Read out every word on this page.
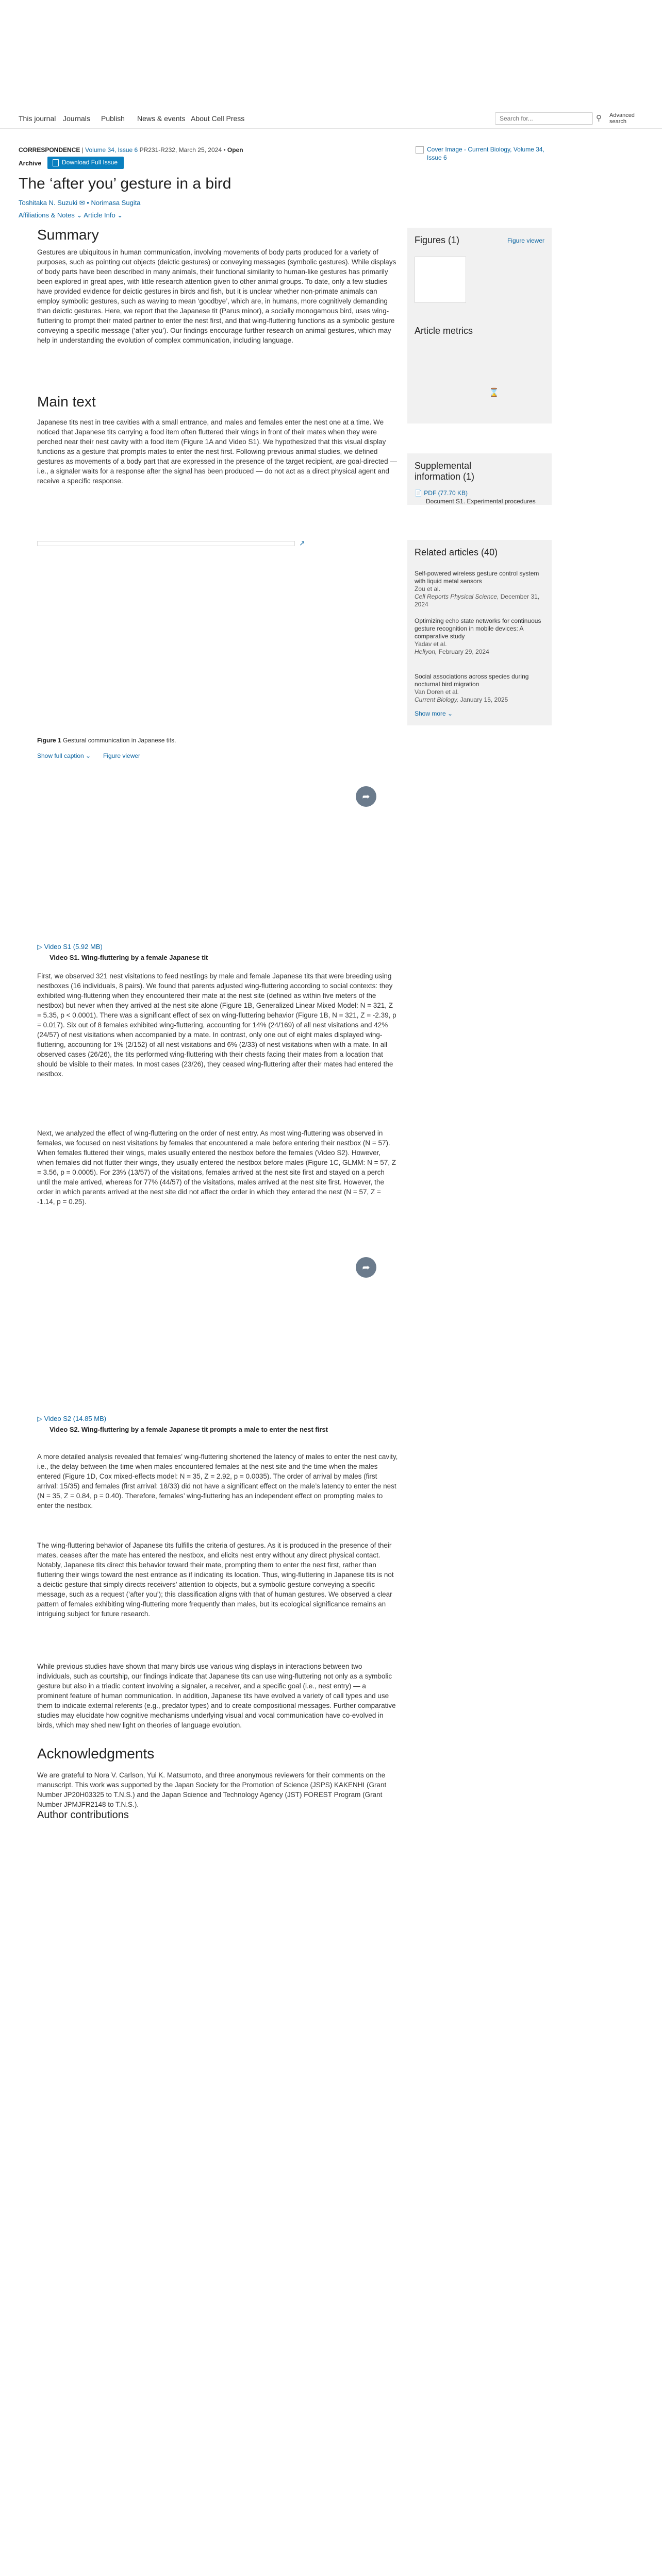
This journal Journals Publish News & events About Cell Press
Search for...	⚲	Advanced search
CORRESPONDENCE | Volume 34, Issue 6 PR231-R232, March 25, 2024 • Open
Archive	Download Full Issue
The ‘after you’ gesture in a bird
Toshitaka N. Suzuki ✉ • Norimasa Sugita
Affiliations & Notes ⌄ Article Info ⌄
Cover Image - Current Biology, Volume 34, Issue 6
Summary

Gestures are ubiquitous in human communication, involving movements of body parts produced for a variety of purposes, such as pointing out objects (deictic gestures) or conveying messages (symbolic gestures). While displays of body parts have been described in many animals, their functional similarity to human-like gestures has primarily been explored in great apes, with little research attention given to other animal groups. To date, only a few studies have provided evidence for deictic gestures in birds and fish, but it is unclear whether non-primate animals can employ symbolic gestures, such as waving to mean ‘goodbye’, which are, in humans, more cognitively demanding than deictic gestures. Here, we report that the Japanese tit (Parus minor), a socially monogamous bird, uses wing-fluttering to prompt their mated partner to enter the nest first, and that wing-fluttering functions as a symbolic gesture conveying a specific message (‘after you’). Our findings encourage further research on animal gestures, which may help in understanding the evolution of complex communication, including language.

Main text

Japanese tits nest in tree cavities with a small entrance, and males and females enter the nest one at a time. We noticed that Japanese tits carrying a food item often fluttered their wings in front of their mates when they were perched near their nest cavity with a food item (Figure 1A and Video S1). We hypothesized that this visual display functions as a gesture that prompts mates to enter the nest first. Following previous animal studies, we defined gestures as movements of a body part that are expressed in the presence of the target recipient, are goal-directed — i.e., a signaler waits for a response after the signal has been produced — do not act as a direct physical agent and receive a specific response.

↗
Figure 1 Gestural communication in Japanese tits.
Show full caption ⌄ Figure viewer
➦
▷ Video S1 (5.92 MB)
Video S1. Wing-fluttering by a female Japanese tit

First, we observed 321 nest visitations to feed nestlings by male and female Japanese tits that were breeding using nestboxes (16 individuals, 8 pairs). We found that parents adjusted wing-fluttering according to social contexts: they exhibited wing-fluttering when they encountered their mate at the nest site (defined as within five meters of the nestbox) but never when they arrived at the nest site alone (Figure 1B, Generalized Linear Mixed Model: N = 321, Z = 5.35, p < 0.0001). There was a significant effect of sex on wing-fluttering behavior (Figure 1B, N = 321, Z = -2.39, p = 0.017). Six out of 8 females exhibited wing-fluttering, accounting for 14% (24/169) of all nest visitations and 42% (24/57) of nest visitations when accompanied by a mate. In contrast, only one out of eight males displayed wing-fluttering, accounting for 1% (2/152) of all nest visitations and 6% (2/33) of nest visitations when with a mate. In all observed cases (26/26), the tits performed wing-fluttering with their chests facing their mates from a location that should be visible to their mates. In most cases (23/26), they ceased wing-fluttering after their mates had entered the nestbox.

Next, we analyzed the effect of wing-fluttering on the order of nest entry. As most wing-fluttering was observed in females, we focused on nest visitations by females that encountered a male before entering their nestbox (N = 57). When females fluttered their wings, males usually entered the nestbox before the females (Video S2). However, when females did not flutter their wings, they usually entered the nestbox before males (Figure 1C, GLMM: N = 57, Z = 3.56, p = 0.0005). For 23% (13/57) of the visitations, females arrived at the nest site first and stayed on a perch until the male arrived, whereas for 77% (44/57) of the visitations, males arrived at the nest site first. However, the order in which parents arrived at the nest site did not affect the order in which they entered the nest (N = 57, Z = -1.14, p = 0.25).

➦
▷ Video S2 (14.85 MB)
Video S2. Wing-fluttering by a female Japanese tit prompts a male to enter the nest first

A more detailed analysis revealed that females’ wing-fluttering shortened the latency of males to enter the nest cavity, i.e., the delay between the time when males encountered females at the nest site and the time when the males entered (Figure 1D, Cox mixed-effects model: N = 35, Z = 2.92, p = 0.0035). The order of arrival by males (first arrival: 15/35) and females (first arrival: 18/33) did not have a significant effect on the male’s latency to enter the nest (N = 35, Z = 0.84, p = 0.40). Therefore, females’ wing-fluttering has an independent effect on prompting males to enter the nestbox.

The wing-fluttering behavior of Japanese tits fulfills the criteria of gestures. As it is produced in the presence of their mates, ceases after the mate has entered the nestbox, and elicits nest entry without any direct physical contact. Notably, Japanese tits direct this behavior toward their mate, prompting them to enter the nest first, rather than fluttering their wings toward the nest entrance as if indicating its location. Thus, wing-fluttering in Japanese tits is not a deictic gesture that simply directs receivers’ attention to objects, but a symbolic gesture conveying a specific message, such as a request (‘after you’); this classification aligns with that of human gestures. We observed a clear pattern of females exhibiting wing-fluttering more frequently than males, but its ecological significance remains an intriguing subject for future research.

While previous studies have shown that many birds use various wing displays in interactions between two individuals, such as courtship, our findings indicate that Japanese tits can use wing-fluttering not only as a symbolic gesture but also in a triadic context involving a signaler, a receiver, and a specific goal (i.e., nest entry) — a prominent feature of human communication. In addition, Japanese tits have evolved a variety of call types and use them to indicate external referents (e.g., predator types) and to create compositional messages. Further comparative studies may elucidate how cognitive mechanisms underlying visual and vocal communication have co-evolved in birds, which may shed new light on theories of language evolution.

Acknowledgments

We are grateful to Nora V. Carlson, Yui K. Matsumoto, and three anonymous reviewers for their comments on the manuscript. This work was supported by the Japan Society for the Promotion of Science (JSPS) KAKENHI (Grant Number JP20H03325 to T.N.S.) and the Japan Science and Technology Agency (JST) FOREST Program (Grant Number JPMJFR2148 to T.N.S.).

Author contributions
Figures (1)	Figure viewer
Article metrics
⌛
Supplemental information (1)
📄 PDF (77.70 KB)
Document S1. Experimental procedures
Related articles (40)
Self-powered wireless gesture control system with liquid metal sensors
Zou et al.
Cell Reports Physical Science, December 31, 2024
Optimizing echo state networks for continuous gesture recognition in mobile devices: A comparative study
Yadav et al.
Heliyon, February 29, 2024
Social associations across species during nocturnal bird migration
Van Doren et al.
Current Biology, January 15, 2025
Show more ⌄
